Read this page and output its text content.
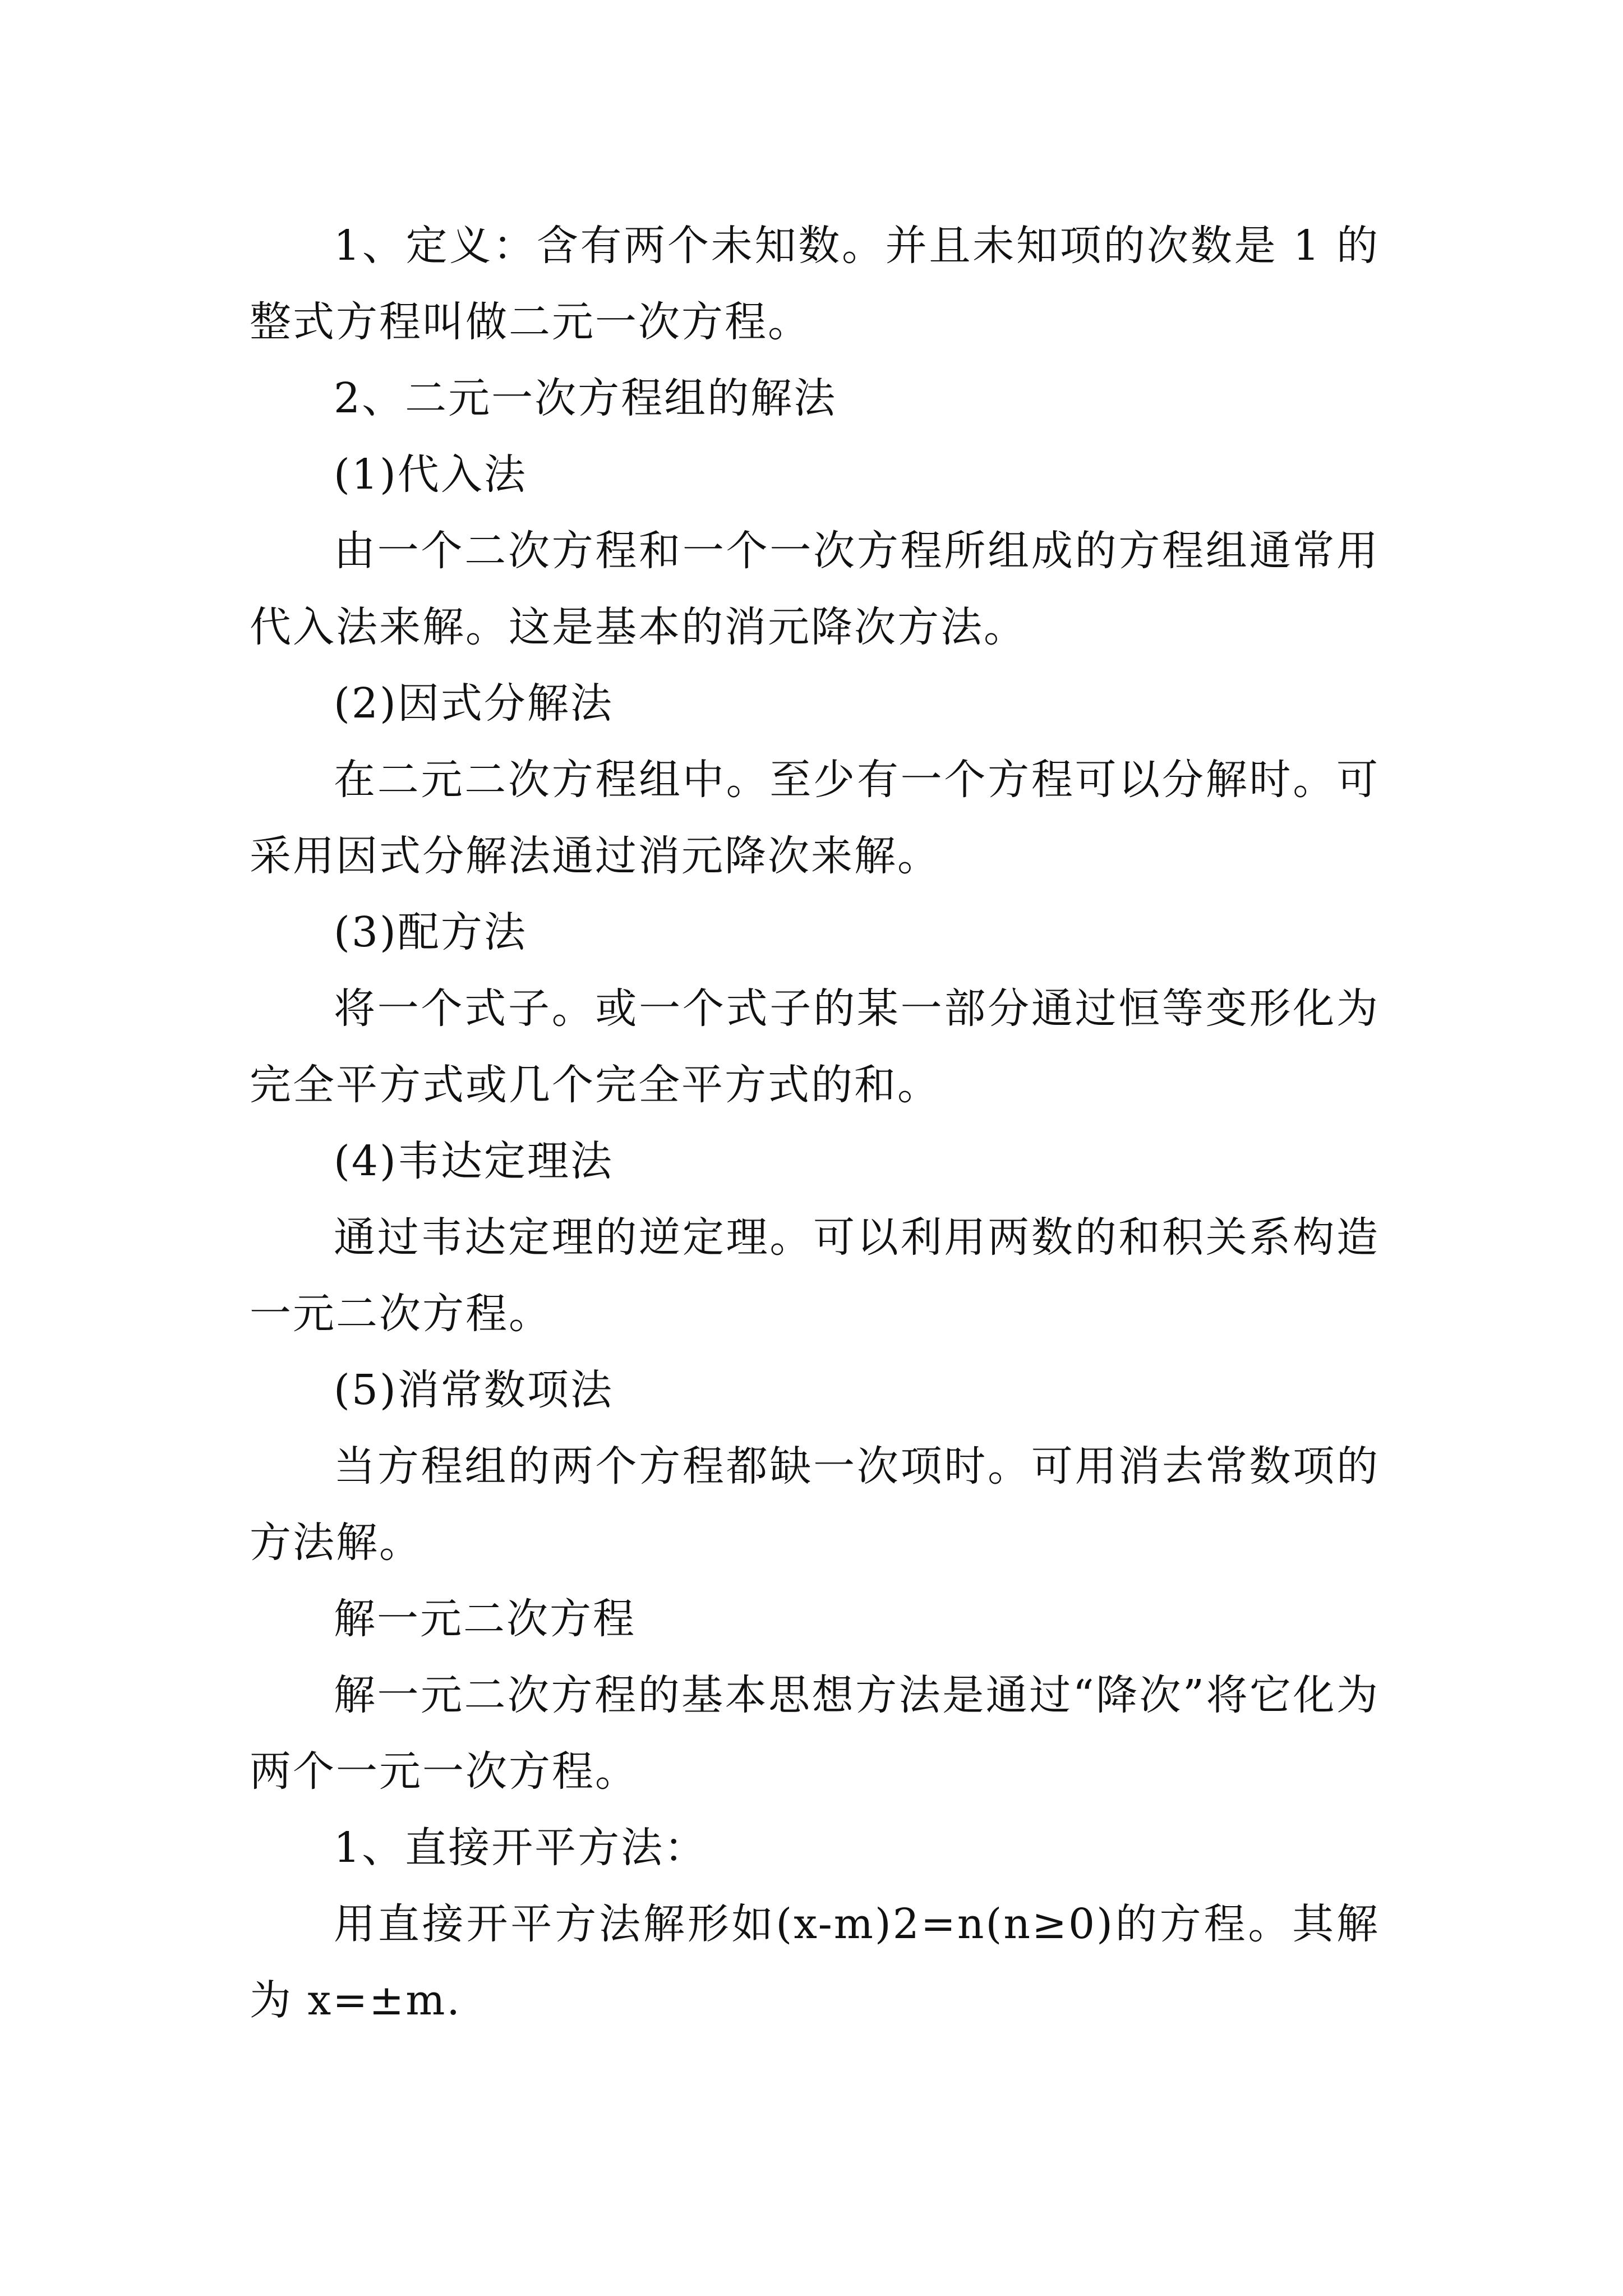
1、定义：含有两个未知数。并且未知项的次数是 1 的整式方程叫做二元一次方程。

2、二元一次方程组的解法

(1)代入法

由一个二次方程和一个一次方程所组成的方程组通常用代入法来解。这是基本的消元降次方法。

(2)因式分解法

在二元二次方程组中。至少有一个方程可以分解时。可采用因式分解法通过消元降次来解。

(3)配方法

将一个式子。或一个式子的某一部分通过恒等变形化为完全平方式或几个完全平方式的和。

(4)韦达定理法

通过韦达定理的逆定理。可以利用两数的和积关系构造一元二次方程。

(5)消常数项法

当方程组的两个方程都缺一次项时。可用消去常数项的方法解。

解一元二次方程

解一元二次方程的基本思想方法是通过“降次”将它化为两个一元一次方程。

1、直接开平方法：

用直接开平方法解形如(x-m)2=n(n≥0)的方程。其解为 x=±m.
